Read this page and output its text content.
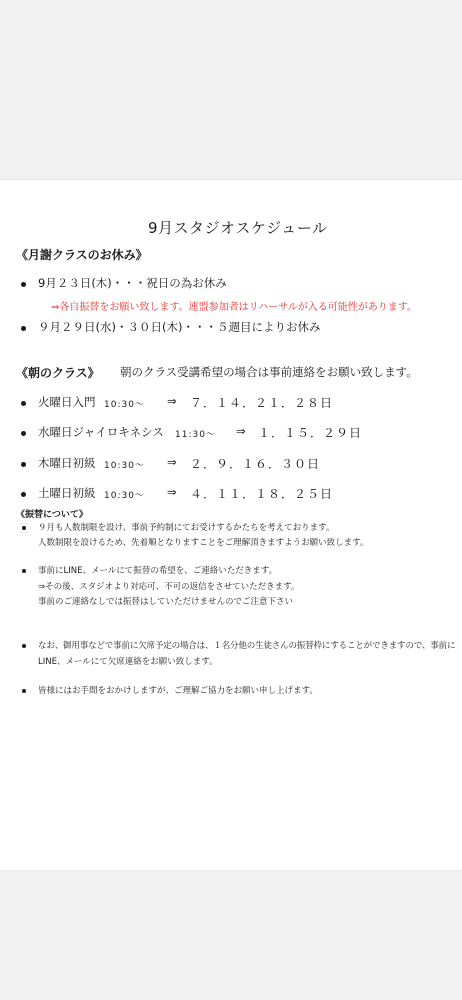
9月スタジオスケジュール
《月謝クラスのお休み》
9月２３日(木)・・・祝日の為お休み
⇒各自振替をお願い致します。連盟参加者はリハーサルが入る可能性があります。
９月２９日(水)・３０日(木)・・・５週目によりお休み
《朝のクラス》 朝のクラス受講希望の場合は事前連絡をお願い致します。
火曜日入門 10:30～ ⇒ ７．１４．２１．２８日
水曜日ジャイロキネシス 11:30～ ⇒ １．１５．２９日
木曜日初級 10:30～ ⇒ ２．９．１６．３０日
土曜日初級 10:30～ ⇒ ４．１１．１８．２５日
《振替について》
９月も人数制限を設け、事前予約制にてお受けするかたちを考えております。
人数制限を設けるため、先着順となりますことをご理解頂きますようお願い致します。
事前にLINE、メールにて振替の希望を、ご連絡いただきます。
⇒その後、スタジオより対応可、不可の返信をさせていただきます。
事前のご連絡なしでは振替はしていただけませんのでご注意下さい
なお、御用事などで事前に欠席予定の場合は、１名分他の生徒さんの振替枠にすることができますので、事前に
LINE、メールにて欠席連絡をお願い致します。
皆様にはお手間をおかけしますが、ご理解ご協力をお願い申し上げます。
